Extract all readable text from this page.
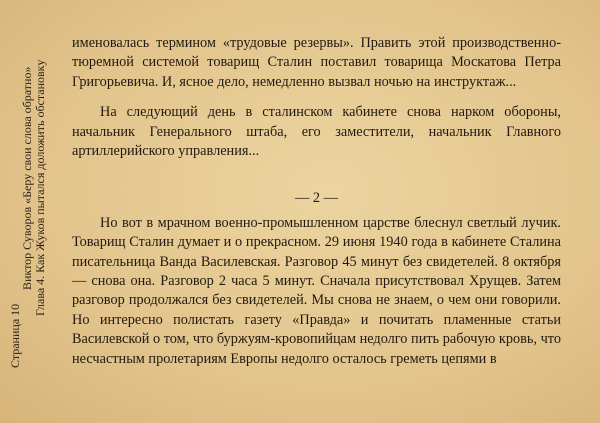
Страница 10
Виктор Суворов «Беру свои слова обратно» Глава 4. Как Жуков пытался доложить обстановку

именовалась термином «трудовые резервы». Править этой производственно-тюремной системой товарищ Сталин поставил товарища Москатова Петра Григорьевича. И, ясное дело, немедленно вызвал ночью на инструктаж...

На следующий день в сталинском кабинете снова нарком обороны, начальник Генерального штаба, его заместители, начальник Главного артиллерийского управления...

— 2 —

Но вот в мрачном военно-промышленном царстве блеснул светлый лучик. Товарищ Сталин думает и о прекрасном. 29 июня 1940 года в кабинете Сталина писательница Ванда Василевская. Разговор 45 минут без свидетелей. 8 октября — снова она. Разговор 2 часа 5 минут. Сначала присутствовал Хрущев. Затем разговор продолжался без свидетелей. Мы снова не знаем, о чем они говорили. Но интересно полистать газету «Правда» и почитать пламенные статьи Василевской о том, что буржуям-кровопийцам недолго пить рабочую кровь, что несчастным пролетариям Европы недолго осталось греметь цепями в
